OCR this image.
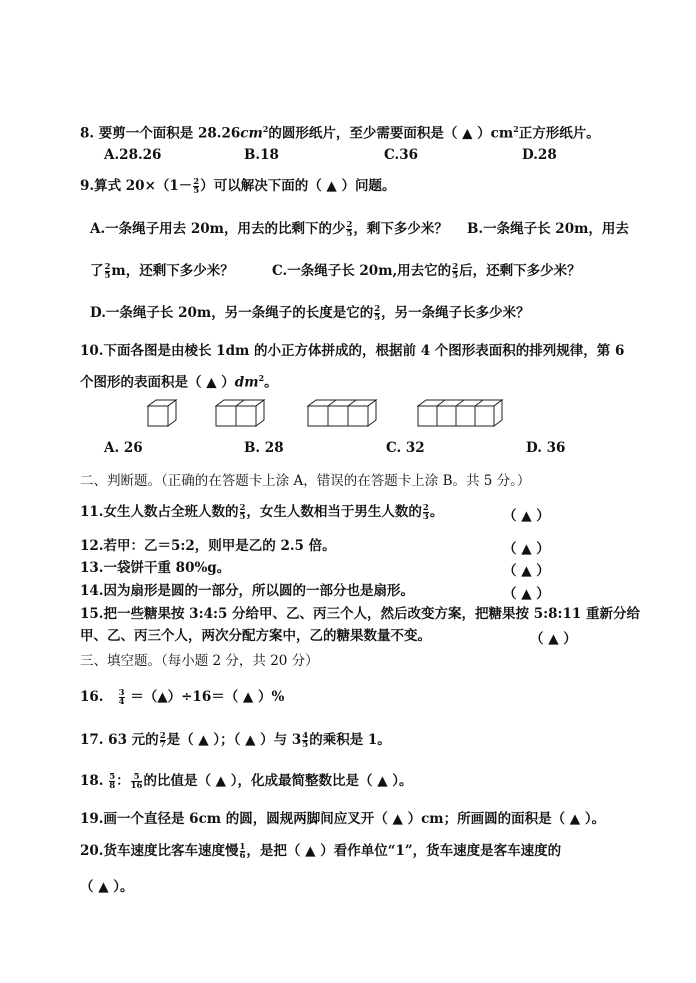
8. 要剪一个面积是 $28.26cm^2$的圆形纸片，至少需要面积是（ ▲ ）$cm^2$正方形纸片。
A.28.26	B.18	C.36	D.28
9.算式 $20\times(1- \frac{2}{5}$ ）可以解决下面的（ ▲ ）问题。
A.一条绳子用去 20m，用去的比剩下的少 $\frac{2}{5}$ ，剩下多少米？ B.一条绳子长 20m，用去
了 $\frac{2}{5}$ m，还剩下多少米？	C.一条绳子长 20m,用去它的 $\frac{2}{5}$ 后，还剩下多少米？
D.一条绳子长 20m，另一条绳子的长度是它的 $\frac{2}{5}$ ，另一条绳子长多少米？
10.下面各图是由棱长 1dm 的小正方体拼成的，根据前 4 个图形表面积的排列规律，第 6
个图形的表面积是（ ▲ ）$dm^2$。
A. 26	B. 28	C. 32	D. 36
二、判断题。（正确的在答题卡上涂 A，错误的在答题卡上涂 B。共 5 分。）
11.女生人数占全班人数的 $\frac{2}{5}$ ，女生人数相当于男生人数的 $\frac{2}{3}$ 。	（ ▲ ）
12.若甲：乙＝5:2，则甲是乙的 2.5 倍。	（ ▲ ）
13.一袋饼干重 80%g。	（ ▲ ）
14.因为扇形是圆的一部分，所以圆的一部分也是扇形。	（ ▲ ）
15.把一些糖果按 3:4:5 分给甲、乙、丙三个人，然后改变方案，把糖果按 5:8:11 重新分给
甲、乙、丙三个人，两次分配方案中，乙的糖果数量不变。	（ ▲ ）
三、填空题。（每小题 2 分，共 20 分）
16. $\frac{3}{4}$ ＝（▲）÷16＝（ ▲ ）%
17. 63 元的 $\frac{2}{7}$ 是（ ▲ ）；（ ▲ ）与 $3 \frac{4}{5}$ 的乘积是 1。
18. $\frac{5}{8}$ ： $\frac{5}{16}$ 的比值是（ ▲ ），化成最简整数比是（ ▲ ）。
19.画一个直径是 6cm 的圆，圆规两脚间应叉开（ ▲ ）cm；所画圆的面积是（ ▲ ）。
20.货车速度比客车速度慢 $\frac{1}{6}$ ，是把（ ▲ ）看作单位“1”，货车速度是客车速度的
（ ▲ ）。
